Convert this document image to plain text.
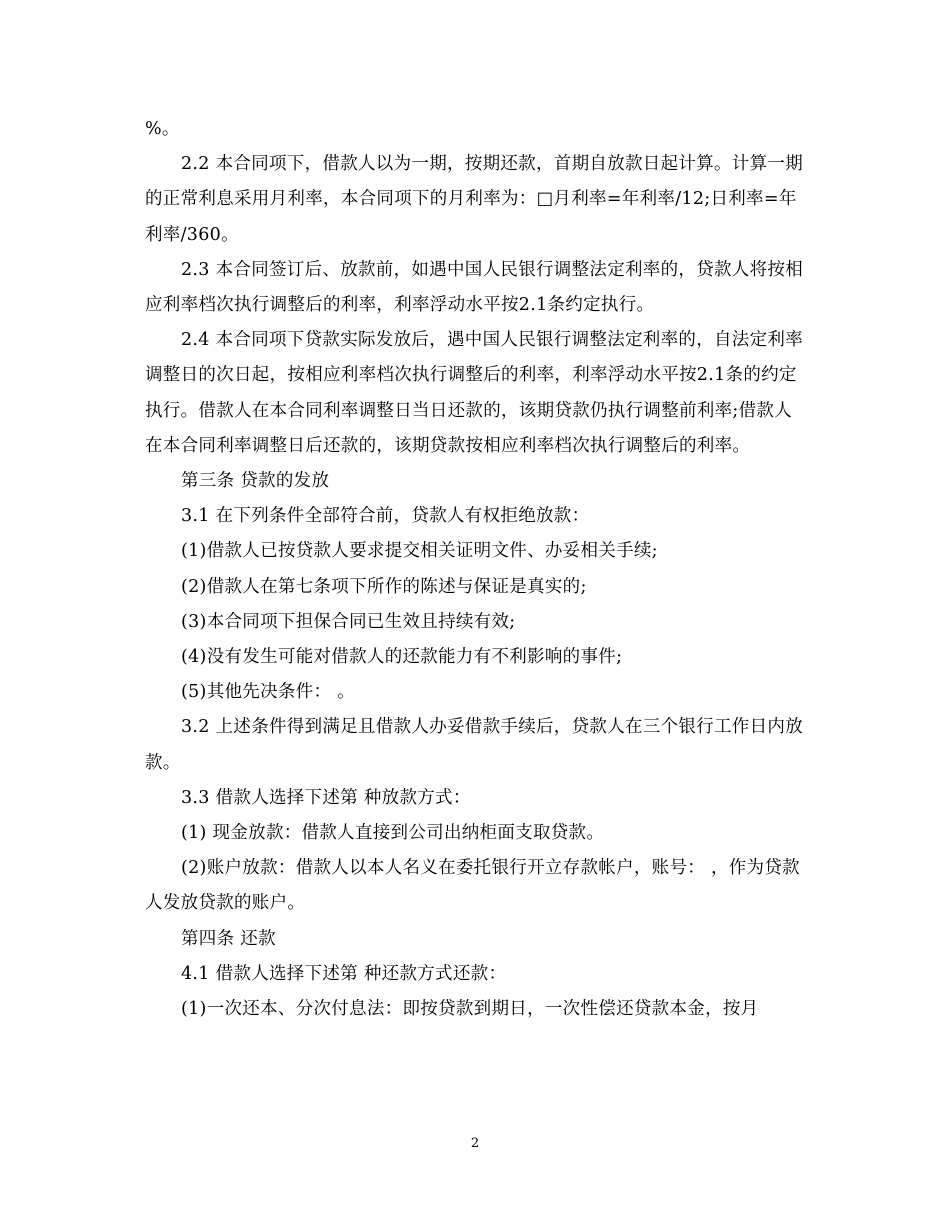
%。

2.2 本合同项下，借款人以为一期，按期还款，首期自放款日起计算。计算一期的正常利息采用月利率，本合同项下的月利率为：□月利率=年利率/12;日利率=年利率/360。

2.3 本合同签订后、放款前，如遇中国人民银行调整法定利率的，贷款人将按相应利率档次执行调整后的利率，利率浮动水平按2.1条约定执行。

2.4 本合同项下贷款实际发放后，遇中国人民银行调整法定利率的，自法定利率调整日的次日起，按相应利率档次执行调整后的利率，利率浮动水平按2.1条的约定执行。借款人在本合同利率调整日当日还款的，该期贷款仍执行调整前利率;借款人在本合同利率调整日后还款的，该期贷款按相应利率档次执行调整后的利率。

第三条 贷款的发放

3.1 在下列条件全部符合前，贷款人有权拒绝放款：

(1)借款人已按贷款人要求提交相关证明文件、办妥相关手续;

(2)借款人在第七条项下所作的陈述与保证是真实的;

(3)本合同项下担保合同已生效且持续有效;

(4)没有发生可能对借款人的还款能力有不利影响的事件;

(5)其他先决条件： 。

3.2 上述条件得到满足且借款人办妥借款手续后，贷款人在三个银行工作日内放款。

3.3 借款人选择下述第 种放款方式：

(1) 现金放款：借款人直接到公司出纳柜面支取贷款。

(2)账户放款：借款人以本人名义在委托银行开立存款帐户，账号： ，作为贷款人发放贷款的账户。

第四条 还款

4.1 借款人选择下述第 种还款方式还款：

(1)一次还本、分次付息法：即按贷款到期日，一次性偿还贷款本金，按月

2
